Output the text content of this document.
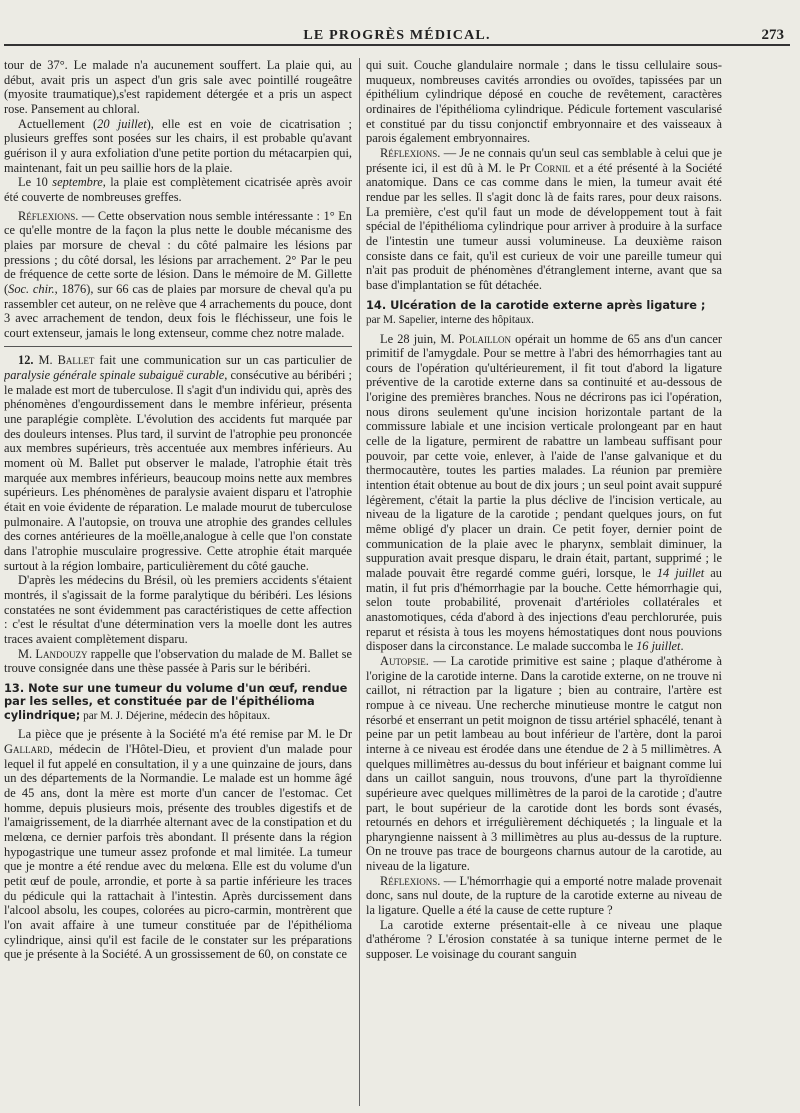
LE PROGRÈS MÉDICAL.	273

tour de 37°. Le malade n'a aucunement souffert. La plaie qui, au début, avait pris un aspect d'un gris sale avec pointillé rougeâtre (myosite traumatique),s'est rapidement détergée et a pris un aspect rose. Pansement au chloral.

Actuellement (20 juillet), elle est en voie de cicatrisation ; plusieurs greffes sont posées sur les chairs, il est probable qu'avant guérison il y aura exfoliation d'une petite portion du métacarpien qui, maintenant, fait un peu saillie hors de la plaie.

Le 10 septembre, la plaie est complètement cicatrisée après avoir été couverte de nombreuses greffes.

Réflexions. — Cette observation nous semble intéressante : 1° En ce qu'elle montre de la façon la plus nette le double mécanisme des plaies par morsure de cheval : du côté palmaire les lésions par pressions ; du côté dorsal, les lésions par arrachement. 2° Par le peu de fréquence de cette sorte de lésion. Dans le mémoire de M. Gillette (Soc. chir., 1876), sur 66 cas de plaies par morsure de cheval qu'a pu rassembler cet auteur, on ne relève que 4 arrachements du pouce, dont 3 avec arrachement de tendon, deux fois le fléchisseur, une fois le court extenseur, jamais le long extenseur, comme chez notre malade.

12. M. Ballet fait une communication sur un cas particulier de paralysie générale spinale subaiguë curable, consécutive au béribéri ; le malade est mort de tuberculose. Il s'agit d'un individu qui, après des phénomènes d'engourdissement dans le membre inférieur, présenta une paraplégie complète. L'évolution des accidents fut marquée par des douleurs intenses. Plus tard, il survint de l'atrophie peu prononcée aux membres supérieurs, très accentuée aux membres inférieurs. Au moment où M. Ballet put observer le malade, l'atrophie était très marquée aux membres inférieurs, beaucoup moins nette aux membres supérieurs. Les phénomènes de paralysie avaient disparu et l'atrophie était en voie évidente de réparation. Le malade mourut de tuberculose pulmonaire. A l'autopsie, on trouva une atrophie des grandes cellules des cornes antérieures de la moëlle,analogue à celle que l'on constate dans l'atrophie musculaire progressive. Cette atrophie était marquée surtout à la région lombaire, particulièrement du côté gauche.

D'après les médecins du Brésil, où les premiers accidents s'étaient montrés, il s'agissait de la forme paralytique du béribéri. Les lésions constatées ne sont évidemment pas caractéristiques de cette affection : c'est le résultat d'une détermination vers la moelle dont les autres traces avaient complètement disparu.

M. Landouzy rappelle que l'observation du malade de M. Ballet se trouve consignée dans une thèse passée à Paris sur le béribéri.

13. Note sur une tumeur du volume d'un œuf, rendue par les selles, et constituée par de l'épithélioma cylindrique; par M. J. Déjerine, médecin des hôpitaux.

La pièce que je présente à la Société m'a été remise par M. le Dr Gallard, médecin de l'Hôtel-Dieu, et provient d'un malade pour lequel il fut appelé en consultation, il y a une quinzaine de jours, dans un des départements de la Normandie. Le malade est un homme âgé de 45 ans, dont la mère est morte d'un cancer de l'estomac. Cet homme, depuis plusieurs mois, présente des troubles digestifs et de l'amaigrissement, de la diarrhée alternant avec de la constipation et du melœna, ce dernier parfois très abondant. Il présente dans la région hypogastrique une tumeur assez profonde et mal limitée. La tumeur que je montre a été rendue avec du melœna. Elle est du volume d'un petit œuf de poule, arrondie, et porte à sa partie inférieure les traces du pédicule qui la rattachait à l'intestin. Après durcissement dans l'alcool absolu, les coupes, colorées au picro-carmin, montrèrent que l'on avait affaire à une tumeur constituée par de l'épithélioma cylindrique, ainsi qu'il est facile de le constater sur les préparations que je présente à la Société. A un grossissement de 60, on constate ce

qui suit. Couche glandulaire normale ; dans le tissu cellulaire sous-muqueux, nombreuses cavités arrondies ou ovoïdes, tapissées par un épithélium cylindrique déposé en couche de revêtement, caractères ordinaires de l'épithélioma cylindrique. Pédicule fortement vascularisé et constitué par du tissu conjonctif embryonnaire et des vaisseaux à parois également embryonnaires.

Réflexions. — Je ne connais qu'un seul cas semblable à celui que je présente ici, il est dû à M. le Pr Cornil et a été présenté à la Société anatomique. Dans ce cas comme dans le mien, la tumeur avait été rendue par les selles. Il s'agit donc là de faits rares, pour deux raisons. La première, c'est qu'il faut un mode de développement tout à fait spécial de l'épithélioma cylindrique pour arriver à produire à la surface de l'intestin une tumeur aussi volumineuse. La deuxième raison consiste dans ce fait, qu'il est curieux de voir une pareille tumeur qui n'ait pas produit de phénomènes d'étranglement interne, avant que sa base d'implantation se fût détachée.

14. Ulcération de la carotide externe après ligature ; par M. Sapelier, interne des hôpitaux.

Le 28 juin, M. Polaillon opérait un homme de 65 ans d'un cancer primitif de l'amygdale. Pour se mettre à l'abri des hémorrhagies tant au cours de l'opération qu'ultérieurement, il fit tout d'abord la ligature préventive de la carotide externe dans sa continuité et au-dessous de l'origine des premières branches. Nous ne décrirons pas ici l'opération, nous dirons seulement qu'une incision horizontale partant de la commissure labiale et une incision verticale prolongeant par en haut celle de la ligature, permirent de rabattre un lambeau suffisant pour pouvoir, par cette voie, enlever, à l'aide de l'anse galvanique et du thermocautère, toutes les parties malades. La réunion par première intention était obtenue au bout de dix jours ; un seul point avait suppuré légèrement, c'était la partie la plus déclive de l'incision verticale, au niveau de la ligature de la carotide ; pendant quelques jours, on fut même obligé d'y placer un drain. Ce petit foyer, dernier point de communication de la plaie avec le pharynx, semblait diminuer, la suppuration avait presque disparu, le drain était, partant, supprimé ; le malade pouvait être regardé comme guéri, lorsque, le 14 juillet au matin, il fut pris d'hémorrhagie par la bouche. Cette hémorrhagie qui, selon toute probabilité, provenait d'artérioles collatérales et anastomotiques, céda d'abord à des injections d'eau perchlorurée, puis reparut et résista à tous les moyens hémostatiques dont nous pouvions disposer dans la circonstance. Le malade succomba le 16 juillet.

Autopsie. — La carotide primitive est saine ; plaque d'athérome à l'origine de la carotide interne. Dans la carotide externe, on ne trouve ni caillot, ni rétraction par la ligature ; bien au contraire, l'artère est rompue à ce niveau. Une recherche minutieuse montre le catgut non résorbé et enserrant un petit moignon de tissu artériel sphacélé, tenant à peine par un petit lambeau au bout inférieur de l'artère, dont la paroi interne à ce niveau est érodée dans une étendue de 2 à 5 millimètres. A quelques millimètres au-dessus du bout inférieur et baignant comme lui dans un caillot sanguin, nous trouvons, d'une part la thyroïdienne supérieure avec quelques millimètres de la paroi de la carotide ; d'autre part, le bout supérieur de la carotide dont les bords sont évasés, retournés en dehors et irrégulièrement déchiquetés ; la linguale et la pharyngienne naissent à 3 millimètres au plus au-dessus de la rupture. On ne trouve pas trace de bourgeons charnus autour de la carotide, au niveau de la ligature.

Réflexions. — L'hémorrhagie qui a emporté notre malade provenait donc, sans nul doute, de la rupture de la carotide externe au niveau de la ligature. Quelle a été la cause de cette rupture ?

La carotide externe présentait-elle à ce niveau une plaque d'athérome ? L'érosion constatée à sa tunique interne permet de le supposer. Le voisinage du courant sanguin
